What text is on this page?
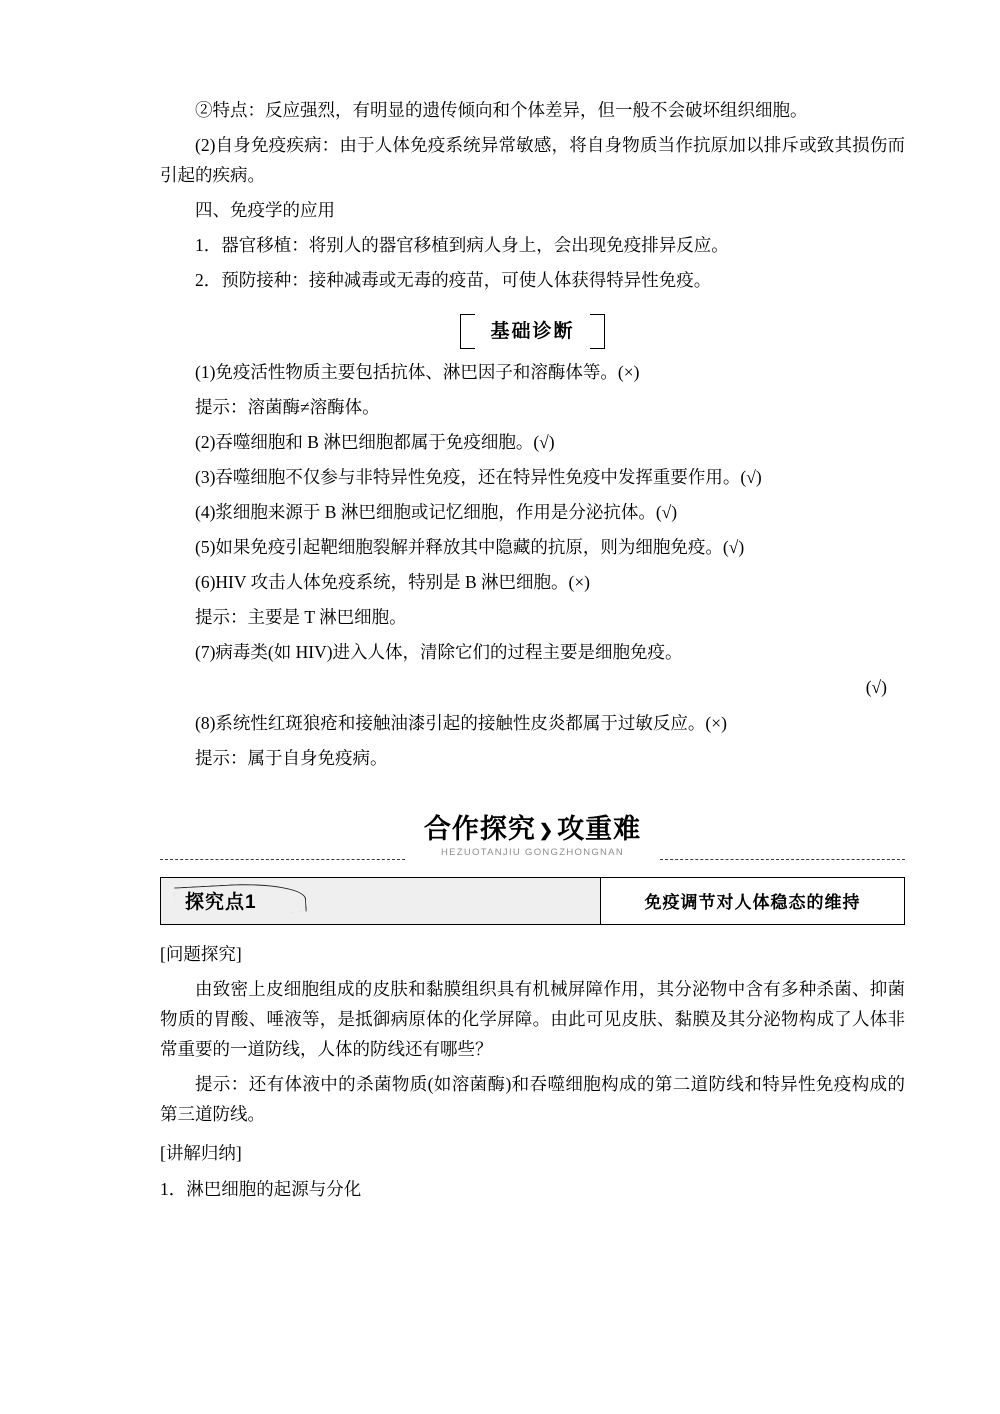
②特点：反应强烈，有明显的遗传倾向和个体差异，但一般不会破坏组织细胞。

(2)自身免疫疾病：由于人体免疫系统异常敏感，将自身物质当作抗原加以排斥或致其损伤而引起的疾病。

四、免疫学的应用

1．器官移植：将别人的器官移植到病人身上，会出现免疫排异反应。

2．预防接种：接种减毒或无毒的疫苗，可使人体获得特异性免疫。

基础诊断

(1)免疫活性物质主要包括抗体、淋巴因子和溶酶体等。(×)

提示：溶菌酶≠溶酶体。

(2)吞噬细胞和 B 淋巴细胞都属于免疫细胞。(√)

(3)吞噬细胞不仅参与非特异性免疫，还在特异性免疫中发挥重要作用。(√)

(4)浆细胞来源于 B 淋巴细胞或记忆细胞，作用是分泌抗体。(√)

(5)如果免疫引起靶细胞裂解并释放其中隐藏的抗原，则为细胞免疫。(√)

(6)HIV 攻击人体免疫系统，特别是 B 淋巴细胞。(×)

提示：主要是 T 淋巴细胞。

(7)病毒类(如 HIV)进入人体，清除它们的过程主要是细胞免疫。

(√)

(8)系统性红斑狼疮和接触油漆引起的接触性皮炎都属于过敏反应。(×)

提示：属于自身免疫病。

合作探究 ❯ 攻重难
HEZUOTANJIU GONGZHONGNAN
探究点1	免疫调节对人体稳态的维持

[问题探究]

由致密上皮细胞组成的皮肤和黏膜组织具有机械屏障作用，其分泌物中含有多种杀菌、抑菌物质的胃酸、唾液等，是抵御病原体的化学屏障。由此可见皮肤、黏膜及其分泌物构成了人体非常重要的一道防线，人体的防线还有哪些？

提示：还有体液中的杀菌物质(如溶菌酶)和吞噬细胞构成的第二道防线和特异性免疫构成的第三道防线。

[讲解归纳]

1．淋巴细胞的起源与分化
